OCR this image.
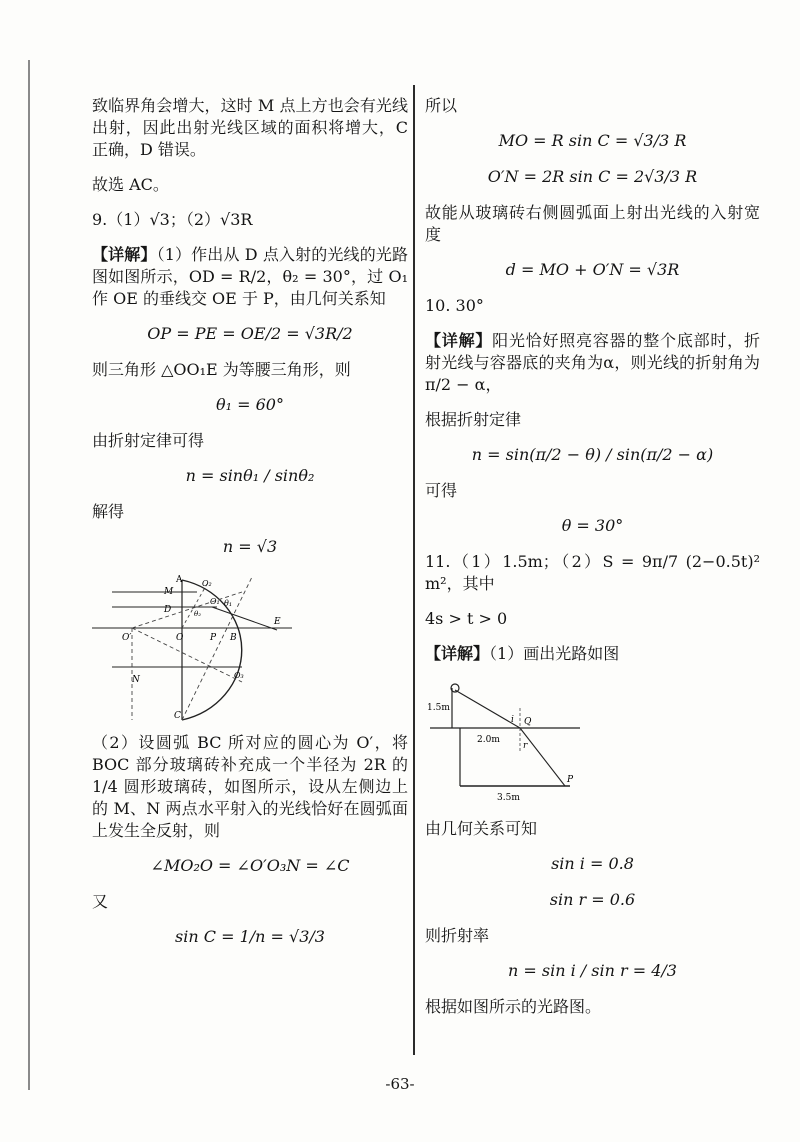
致临界角会增大，这时 M 点上方也会有光线出射，因此出射光线区域的面积将增大，C 正确，D 错误。

故选 AC。

9.（1）√3；（2）√3R

【详解】（1）作出从 D 点入射的光线的光路图如图所示，OD = R/2，θ₂ = 30°，过 O₁ 作 OE 的垂线交 OE 于 P，由几何关系知

OP = PE = OE/2 = √3R/2

则三角形 △OO₁E 为等腰三角形，则

θ₁ = 60°

由折射定律可得

n = sinθ₁ / sinθ₂

解得

n = √3
A
M
D
O₂
O₁ θ₁
θ₂
E
O′	O	P B
N	O₃
C

（2）设圆弧 BC 所对应的圆心为 O′，将 BOC 部分玻璃砖补充成一个半径为 2R 的 1/4 圆形玻璃砖，如图所示，设从左侧边上的 M、N 两点水平射入的光线恰好在圆弧面上发生全反射，则

∠MO₂O = ∠O′O₃N = ∠C

又

sin C = 1/n = √3/3

所以

MO = R sin C = √3/3 R
O′N = 2R sin C = 2√3/3 R

故能从玻璃砖右侧圆弧面上射出光线的入射宽度

d = MO + O′N = √3R

10. 30°

【详解】阳光恰好照亮容器的整个底部时，折射光线与容器底的夹角为α，则光线的折射角为 π/2 − α，

根据折射定律

n = sin(π/2 − θ) / sin(π/2 − α)

可得

θ = 30°

11.（1）1.5m；（2）S = 9π/7 (2−0.5t)² m²，其中

4s > t > 0

【详解】（1）画出光路如图

1.5m
2.0m
3.5m
i
r
Q
P

由几何关系可知

sin i = 0.8
sin r = 0.6

则折射率

n = sin i / sin r = 4/3

根据如图所示的光路图。

-63-
